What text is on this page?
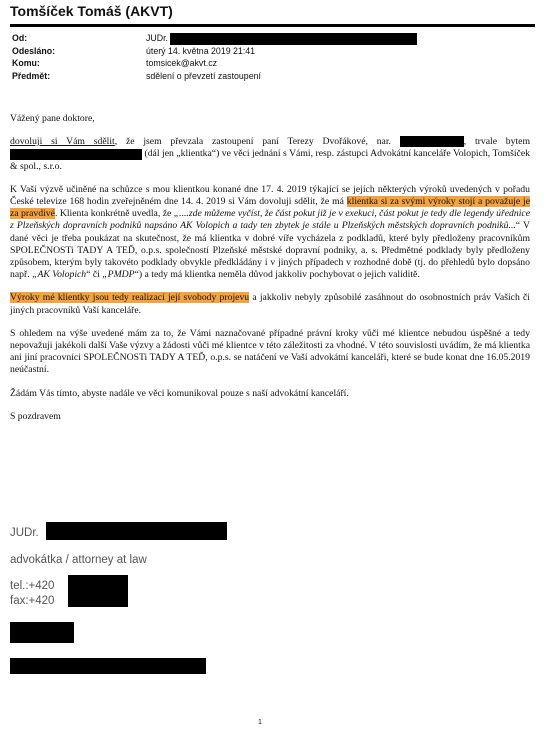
Tomšíček Tomáš (AKVT)
Od:	JUDr.
Odesláno:	úterý 14. května 2019 21:41
Komu:	tomsicek@akvt.cz
Předmět:	sdělení o převzetí zastoupení

Vážený pane doktore,

dovoluji si Vám sdělit, že jsem převzala zastoupení paní Terezy Dvořákové, nar.	, trvale bytem  (dál jen „klientka“) ve věci jednání s Vámi, resp. zástupci Advokátní kanceláře Volopich, Tomšíček & spol., s.r.o.

K Vaší výzvě učiněné na schůzce s mou klientkou konané dne 17. 4. 2019 týkající se jejích některých výroků uvedených v pořadu České televize 168 hodin zveřejněném dne 14. 4. 2019 si Vám dovoluji sdělit, že má klientka si za svými výroky stojí a považuje je za pravdivé. Klienta konkrétně uvedla, že „....zde můžeme vyčíst, že část pokut již je v exekuci, část pokut je tedy dle legendy úřednice z Plzeňských dopravních podniků napsáno AK Volopich a tady ten zbytek je stále u Plzeňských městských dopravních podniků...“ V dané věci je třeba poukázat na skutečnost, že má klientka v dobré víře vycházela z podkladů, které byly předloženy pracovníkům SPOLEČNOSTi TADY A TEĎ, o.p.s. společností Plzeňské městské dopravní podniky, a. s. Předmětné podklady byly předloženy způsobem, kterým byly takovéto podklady obvykle předkládány i v jiných případech v rozhodné době (tj. do přehledů bylo dopsáno např. „AK Volopich“ či „PMDP“) a tedy má klientka neměla důvod jakkoliv pochybovat o jejich validitě.

Výroky mé klientky jsou tedy realizací její svobody projevu a jakkoliv nebyly způsobilé zasáhnout do osobnostních práv Vašich či jiných pracovníků Vaší kanceláře.

S ohledem na výše uvedené mám za to, že Vámi naznačované případné právní kroky vůči mé klientce nebudou úspěšné a tedy nepovažuji jakékoli další Vaše výzvy a žádosti vůči mé klientce v této záležitosti za vhodné. V této souvislosti uvádím, že má klientka ani jiní pracovníci SPOLEČNOSTi TADY A TEĎ, o.p.s. se natáčení ve Vaší advokátní kanceláři, které se bude konat dne 16.05.2019 neúčastní.

Žádám Vás tímto, abyste nadále ve věci komunikoval pouze s naší advokátní kanceláří.

S pozdravem

JUDr.
advokátka / attorney at law
tel.:+420
fax:+420
1
